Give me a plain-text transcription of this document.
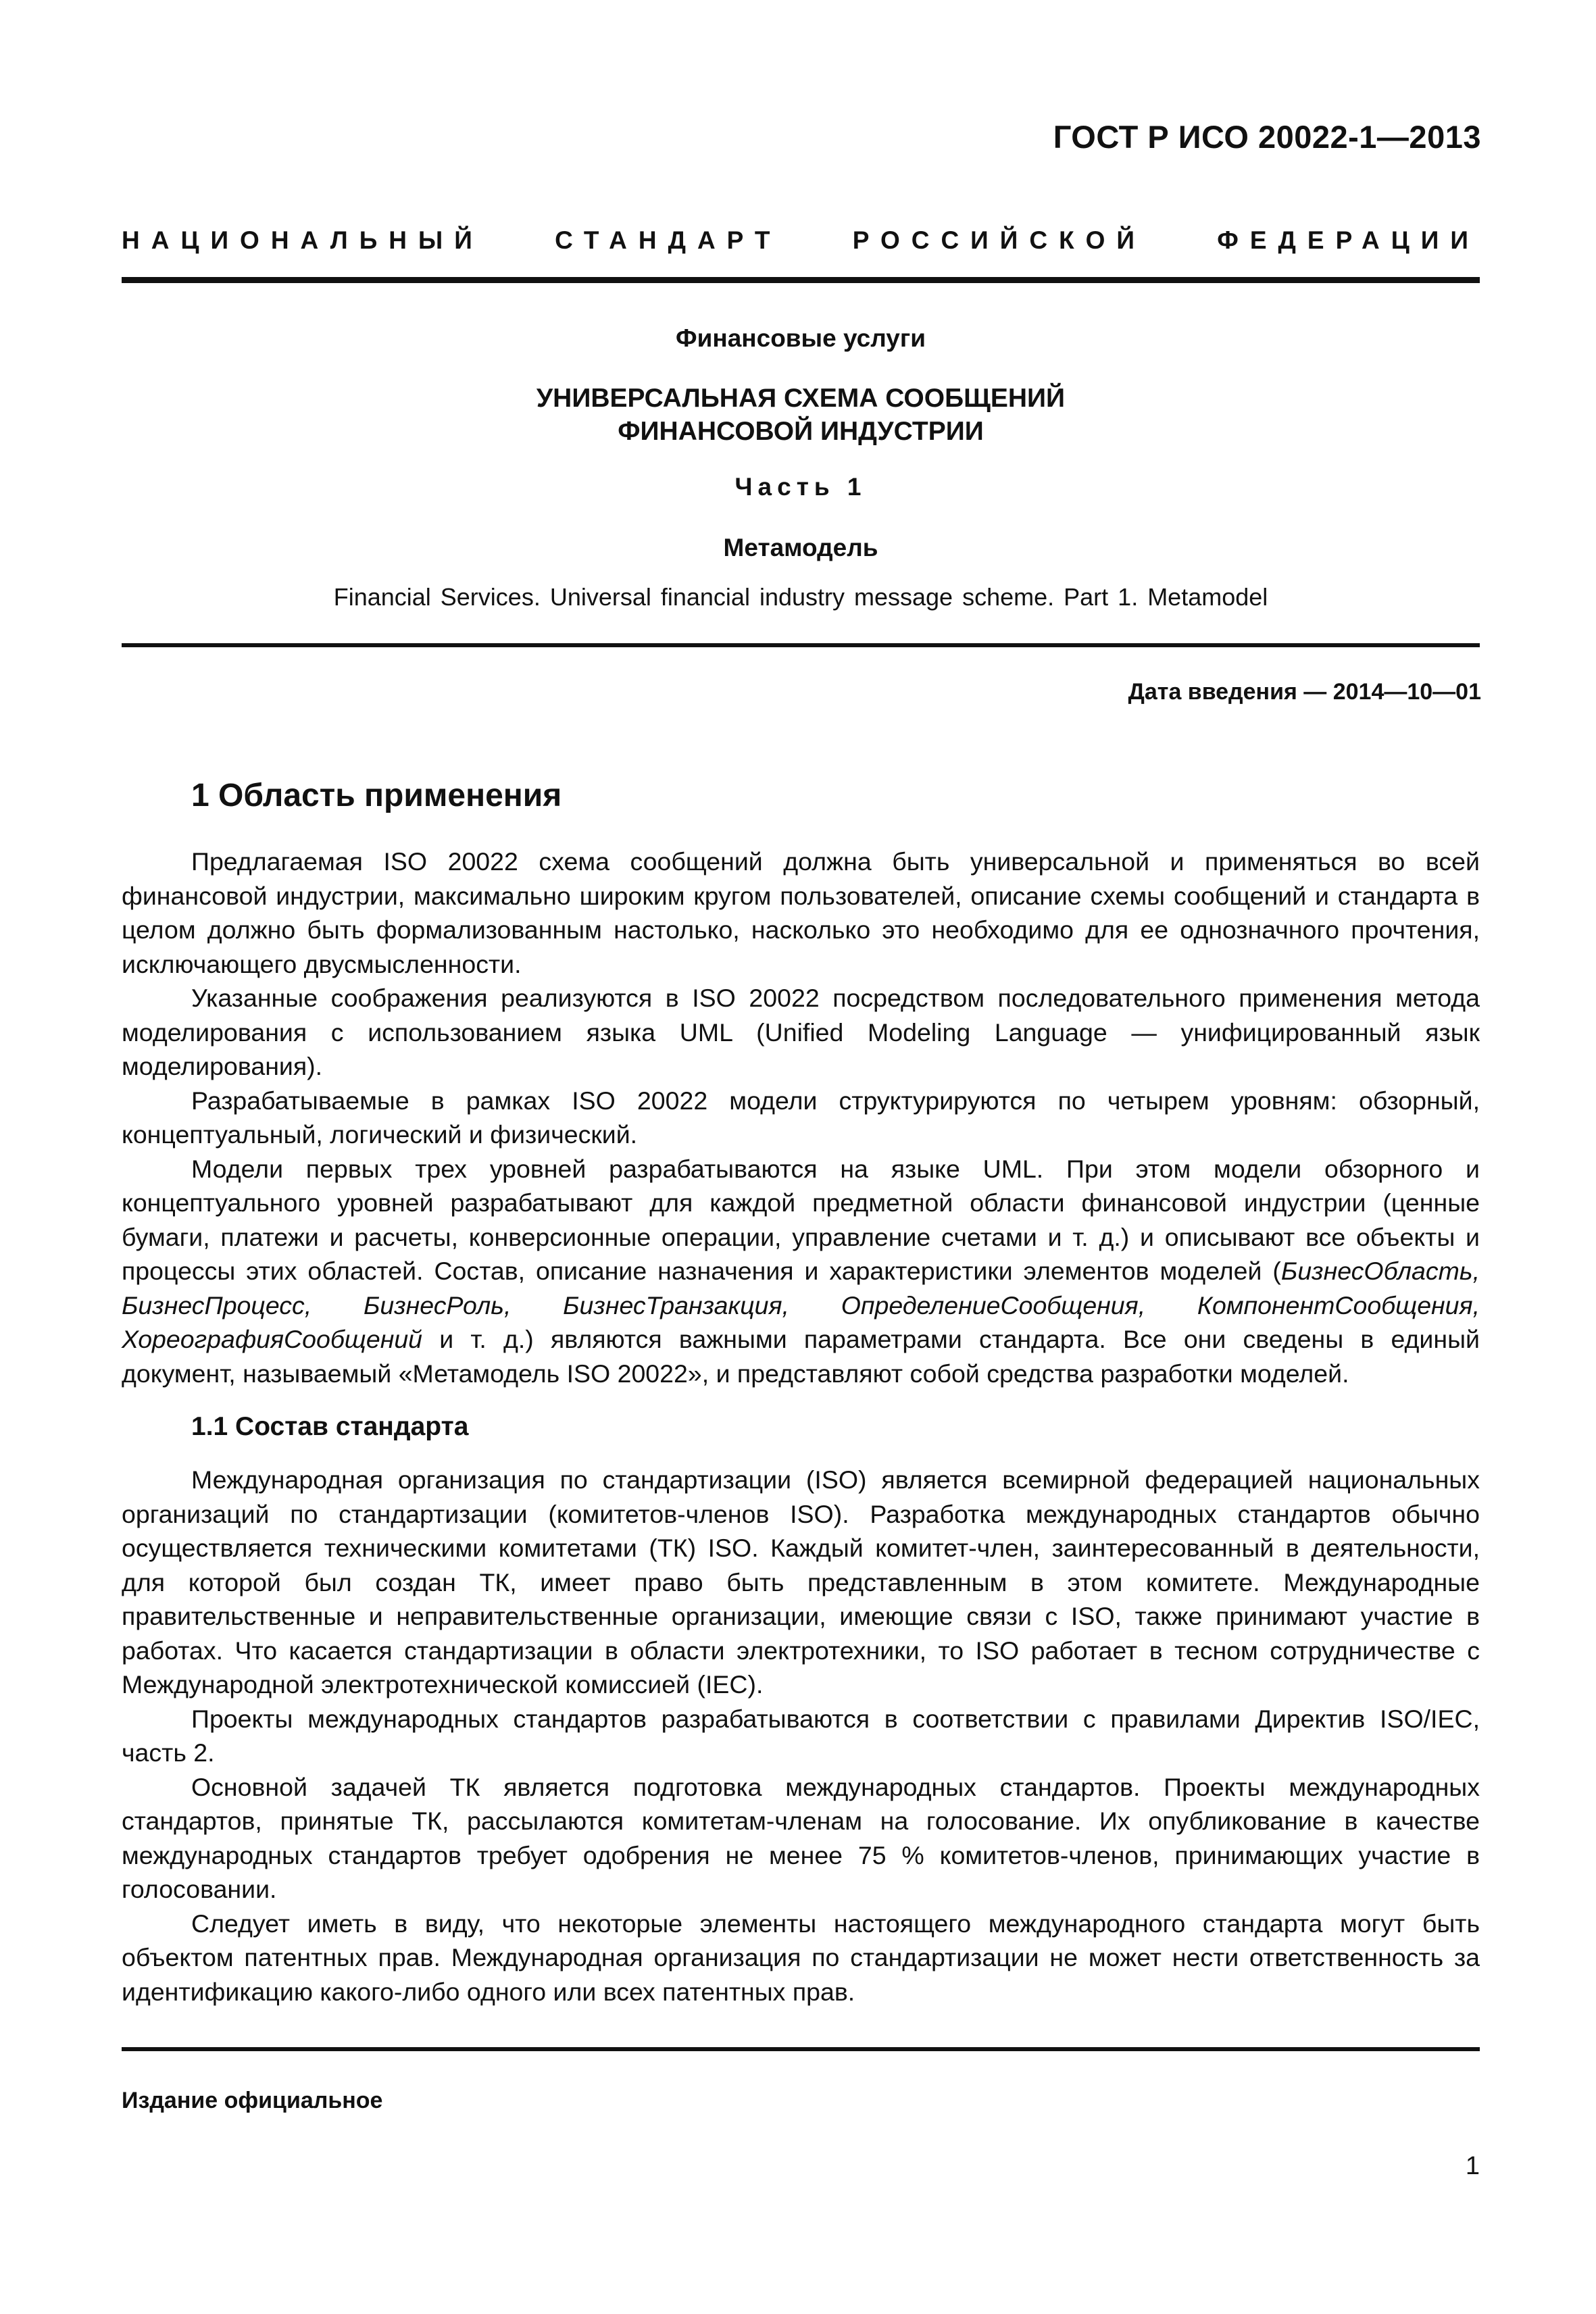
ГОСТ Р ИСО 20022-1—2013
НАЦИОНАЛЬНЫЙ	СТАНДАРТ	РОССИЙСКОЙ	ФЕДЕРАЦИИ
Финансовые услуги
УНИВЕРСАЛЬНАЯ СХЕМА СООБЩЕНИЙ
ФИНАНСОВОЙ ИНДУСТРИИ
Часть 1
Метамодель
Financial Services. Universal financial industry message scheme. Part 1. Metamodel
Дата введения — 2014—10—01
1 Область применения

Предлагаемая ISO 20022 схема сообщений должна быть универсальной и применяться во всей финансовой индустрии, максимально широким кругом пользователей, описание схемы сообщений и стандарта в целом должно быть формализованным настолько, насколько это необходимо для ее однозначного прочтения, исключающего двусмысленности.

Указанные соображения реализуются в ISO 20022 посредством последовательного применения метода моделирования с использованием языка UML (Unified Modeling Language — унифицированный язык моделирования).

Разрабатываемые в рамках ISO 20022 модели структурируются по четырем уровням: обзорный, концептуальный, логический и физический.

Модели первых трех уровней разрабатываются на языке UML. При этом модели обзорного и концептуального уровней разрабатывают для каждой предметной области финансовой индустрии (ценные бумаги, платежи и расчеты, конверсионные операции, управление счетами и т. д.) и описывают все объекты и процессы этих областей. Состав, описание назначения и характеристики элементов моделей (БизнесОбласть, БизнесПроцесс, БизнесРоль, БизнесТранзакция, ОпределениеСообщения, КомпонентСообщения, ХореографияСообщений и т. д.) являются важными параметрами стандарта. Все они сведены в единый документ, называемый «Метамодель ISO 20022», и представляют собой средства разработки моделей.

1.1 Состав стандарта

Международная организация по стандартизации (ISO) является всемирной федерацией национальных организаций по стандартизации (комитетов-членов ISO). Разработка международных стандартов обычно осуществляется техническими комитетами (ТК) ISO. Каждый комитет-член, заинтересованный в деятельности, для которой был создан ТК, имеет право быть представленным в этом комитете. Международные правительственные и неправительственные организации, имеющие связи с ISO, также принимают участие в работах. Что касается стандартизации в области электротехники, то ISO работает в тесном сотрудничестве с Международной электротехнической комиссией (IEC).

Проекты международных стандартов разрабатываются в соответствии с правилами Директив ISO/IEC, часть 2.

Основной задачей ТК является подготовка международных стандартов. Проекты международных стандартов, принятые ТК, рассылаются комитетам-членам на голосование. Их опубликование в качестве международных стандартов требует одобрения не менее 75 % комитетов-членов, принимающих участие в голосовании.

Следует иметь в виду, что некоторые элементы настоящего международного стандарта могут быть объектом патентных прав. Международная организация по стандартизации не может нести ответственность за идентификацию какого-либо одного или всех патентных прав.

Издание официальное
1
